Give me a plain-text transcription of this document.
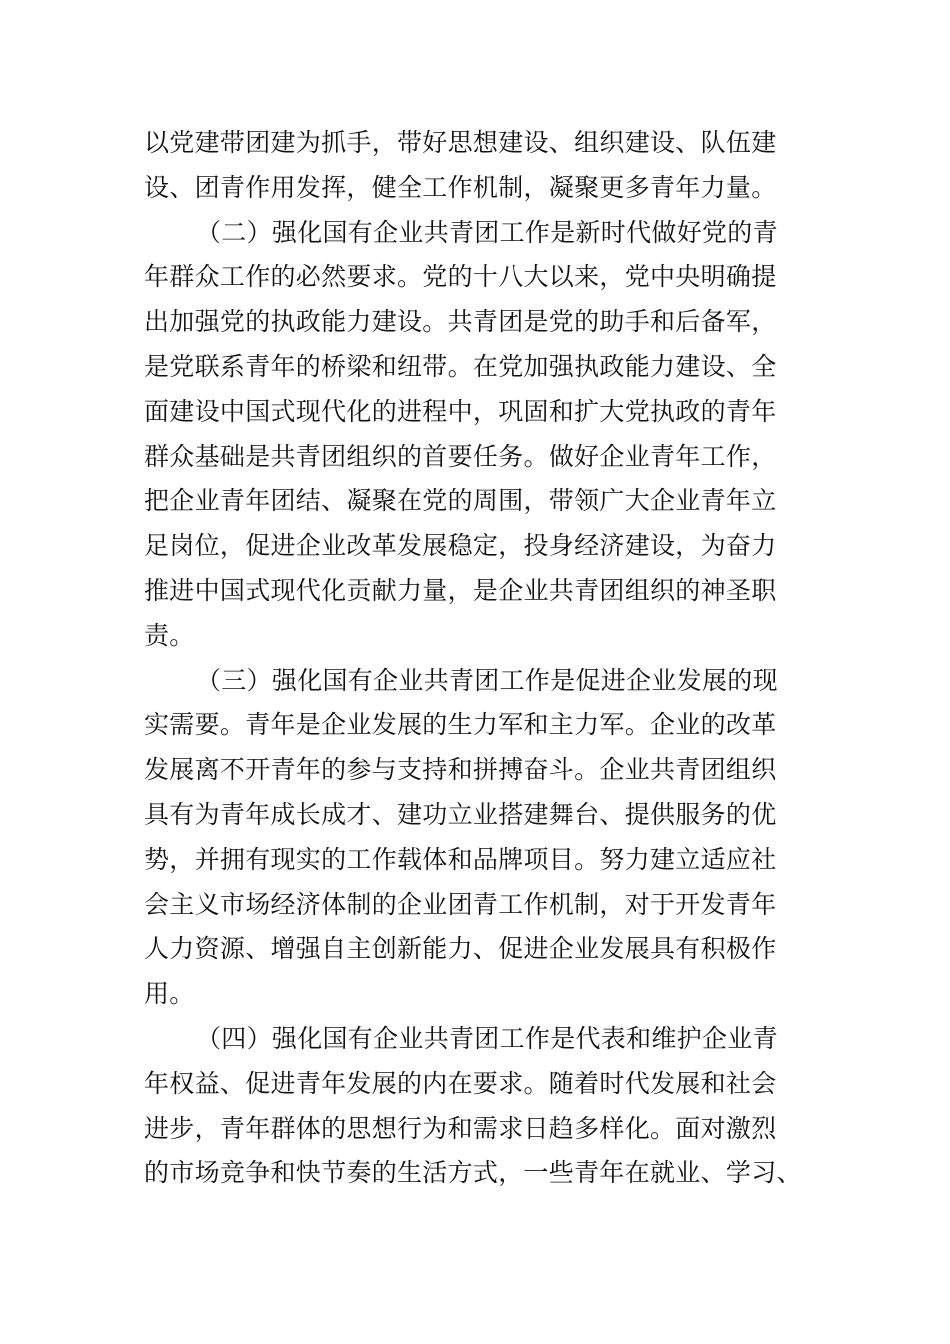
以党建带团建为抓手，带好思想建设、组织建设、队伍建
设、团青作用发挥，健全工作机制，凝聚更多青年力量。
（二）强化国有企业共青团工作是新时代做好党的青
年群众工作的必然要求。党的十八大以来，党中央明确提
出加强党的执政能力建设。共青团是党的助手和后备军，
是党联系青年的桥梁和纽带。在党加强执政能力建设、全
面建设中国式现代化的进程中，巩固和扩大党执政的青年
群众基础是共青团组织的首要任务。做好企业青年工作，
把企业青年团结、凝聚在党的周围，带领广大企业青年立
足岗位，促进企业改革发展稳定，投身经济建设，为奋力
推进中国式现代化贡献力量，是企业共青团组织的神圣职
责。
（三）强化国有企业共青团工作是促进企业发展的现
实需要。青年是企业发展的生力军和主力军。企业的改革
发展离不开青年的参与支持和拼搏奋斗。企业共青团组织
具有为青年成长成才、建功立业搭建舞台、提供服务的优
势，并拥有现实的工作载体和品牌项目。努力建立适应社
会主义市场经济体制的企业团青工作机制，对于开发青年
人力资源、增强自主创新能力、促进企业发展具有积极作
用。
（四）强化国有企业共青团工作是代表和维护企业青
年权益、促进青年发展的内在要求。随着时代发展和社会
进步，青年群体的思想行为和需求日趋多样化。面对激烈
的市场竞争和快节奏的生活方式，一些青年在就业、学习、
